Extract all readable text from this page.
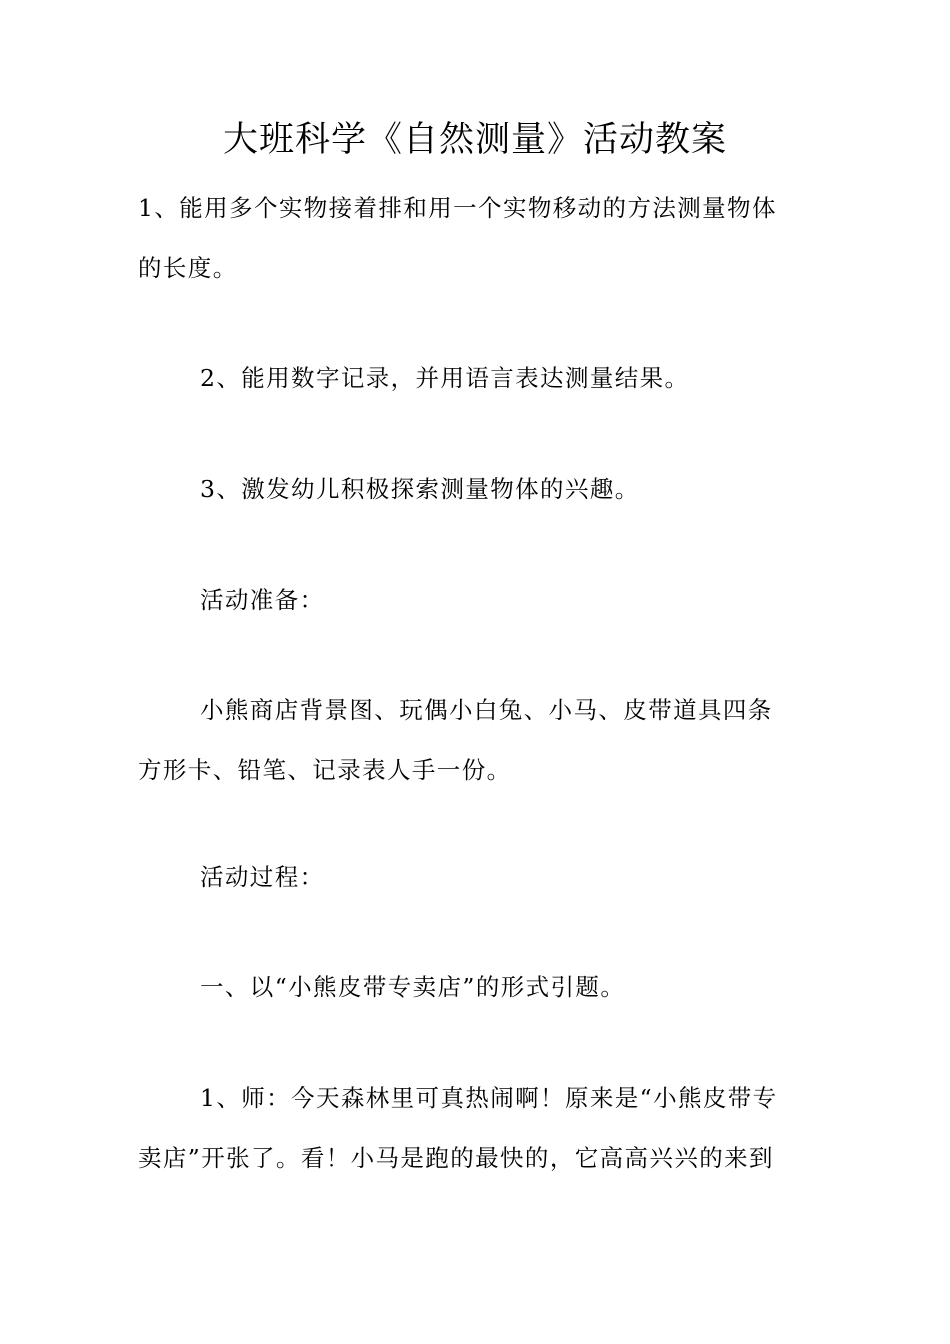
大班科学《自然测量》活动教案

1、能用多个实物接着排和用一个实物移动的方法测量物体
的长度。

2、能用数字记录，并用语言表达测量结果。

3、激发幼儿积极探索测量物体的兴趣。

活动准备：

小熊商店背景图、玩偶小白兔、小马、皮带道具四条
方形卡、铅笔、记录表人手一份。

活动过程：

一、以“小熊皮带专卖店”的形式引题。

1、师：今天森林里可真热闹啊！原来是“小熊皮带专
卖店”开张了。看！小马是跑的最快的，它高高兴兴的来到
